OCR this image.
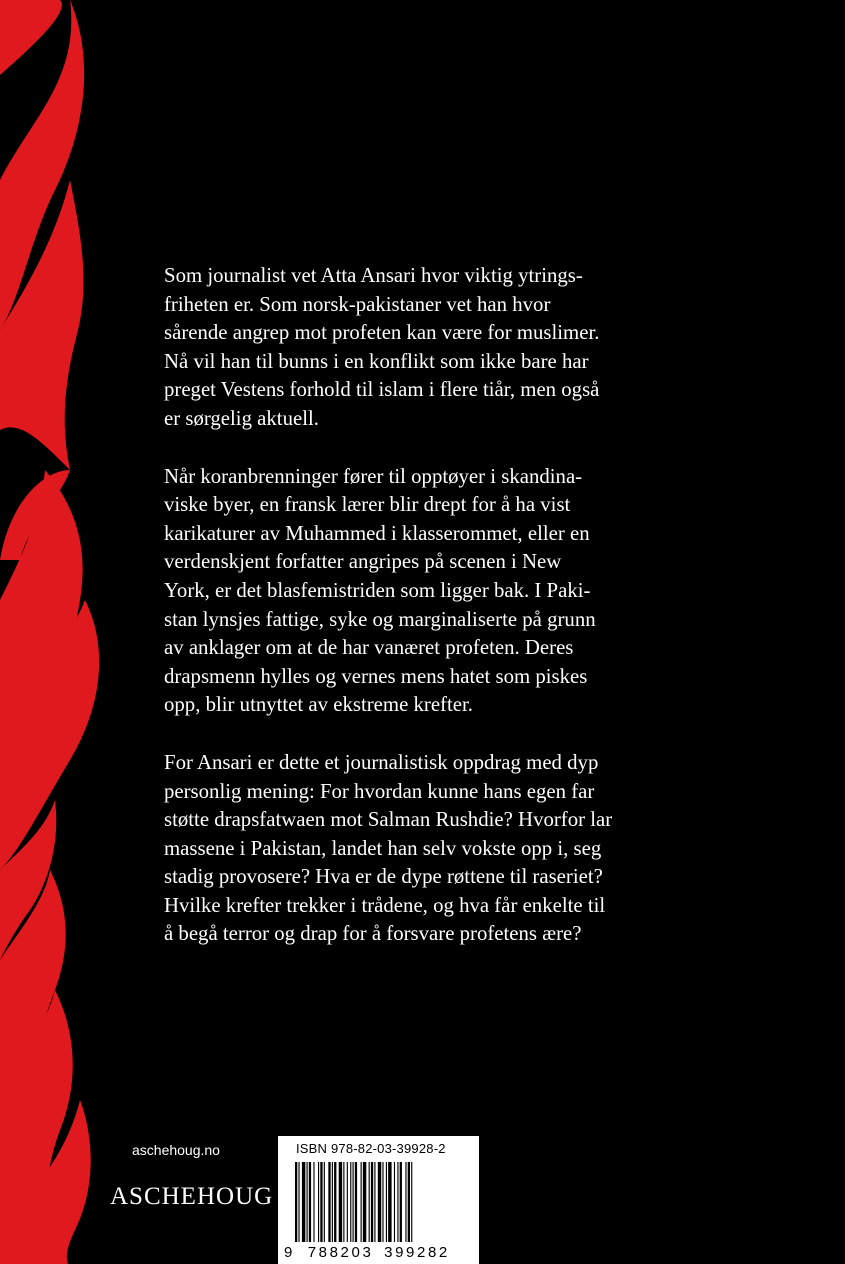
Som journalist vet Atta Ansari hvor viktig ytrings-
friheten er. Som norsk-pakistaner vet han hvor
sårende angrep mot profeten kan være for muslimer.
Nå vil han til bunns i en konflikt som ikke bare har
preget Vestens forhold til islam i flere tiår, men også
er sørgelig aktuell.

Når koranbrenninger fører til opptøyer i skandina-
viske byer, en fransk lærer blir drept for å ha vist
karikaturer av Muhammed i klasserommet, eller en
verdenskjent forfatter angripes på scenen i New
York, er det blasfemistriden som ligger bak. I Paki-
stan lynsjes fattige, syke og marginaliserte på grunn
av anklager om at de har vanæret profeten. Deres
drapsmenn hylles og vernes mens hatet som piskes
opp, blir utnyttet av ekstreme krefter.

For Ansari er dette et journalistisk oppdrag med dyp
personlig mening: For hvordan kunne hans egen far
støtte drapsfatwaen mot Salman Rushdie? Hvorfor lar
massene i Pakistan, landet han selv vokste opp i, seg
stadig provosere? Hva er de dype røttene til raseriet?
Hvilke krefter trekker i trådene, og hva får enkelte til
å begå terror og drap for å forsvare profetens ære?

aschehoug.no
ASCHEHOUG
ISBN 978-82-03-39928-2
9 788203 399282
